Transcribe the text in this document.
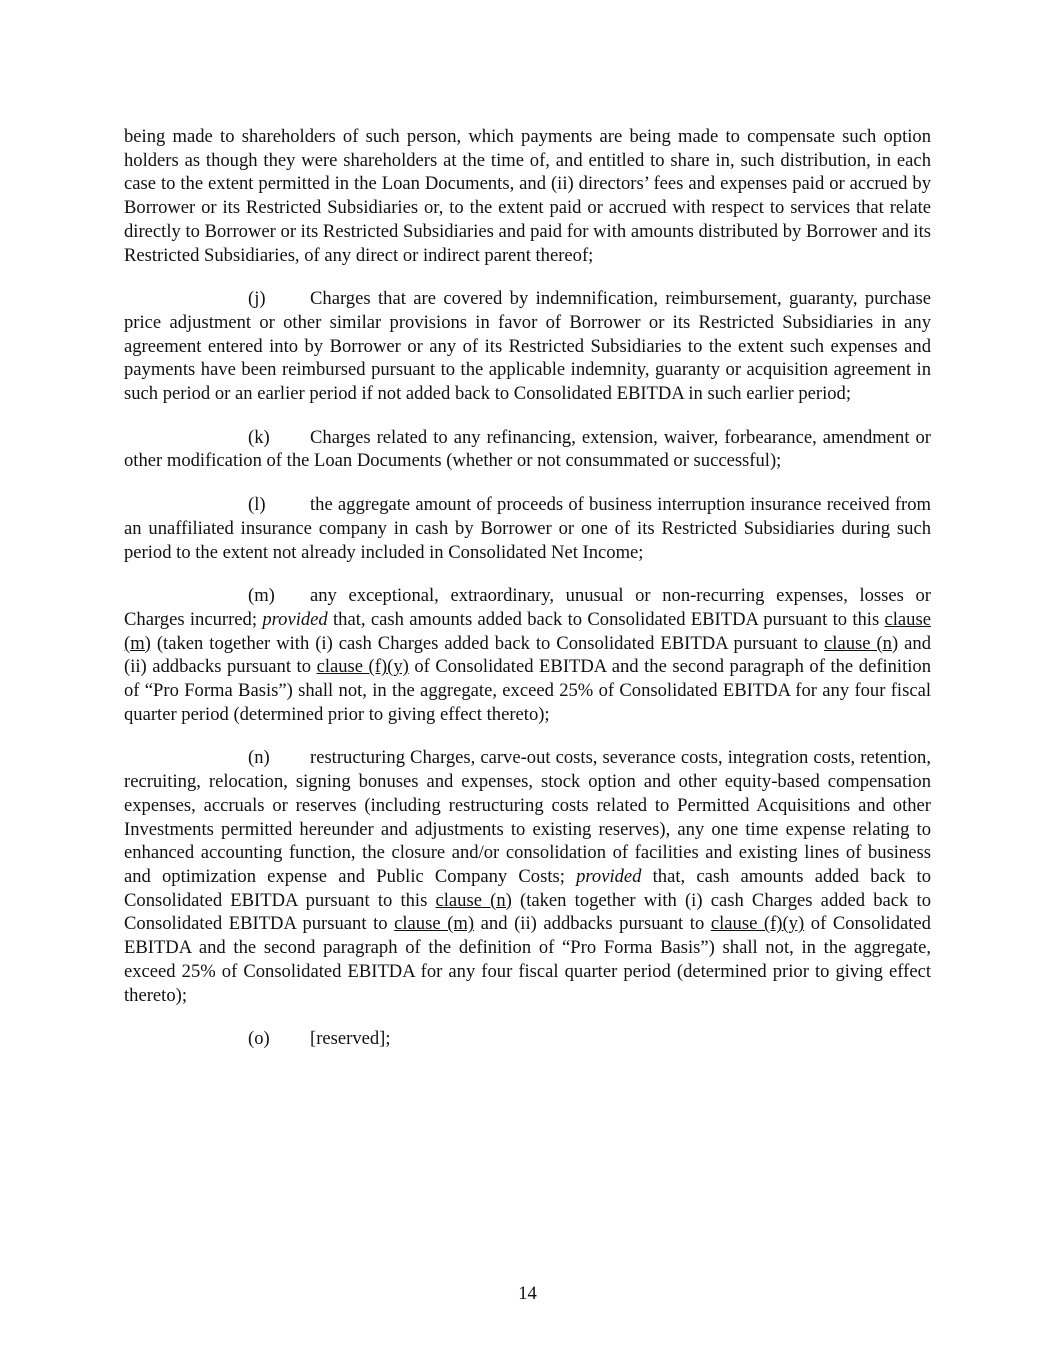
being made to shareholders of such person, which payments are being made to compensate such option holders as though they were shareholders at the time of, and entitled to share in, such distribution, in each case to the extent permitted in the Loan Documents, and (ii) directors’ fees and expenses paid or accrued by Borrower or its Restricted Subsidiaries or, to the extent paid or accrued with respect to services that relate directly to Borrower or its Restricted Subsidiaries and paid for with amounts distributed by Borrower and its Restricted Subsidiaries, of any direct or indirect parent thereof;

(j) Charges that are covered by indemnification, reimbursement, guaranty, purchase price adjustment or other similar provisions in favor of Borrower or its Restricted Subsidiaries in any agreement entered into by Borrower or any of its Restricted Subsidiaries to the extent such expenses and payments have been reimbursed pursuant to the applicable indemnity, guaranty or acquisition agreement in such period or an earlier period if not added back to Consolidated EBITDA in such earlier period;

(k) Charges related to any refinancing, extension, waiver, forbearance, amendment or other modification of the Loan Documents (whether or not consummated or successful);

(l) the aggregate amount of proceeds of business interruption insurance received from an unaffiliated insurance company in cash by Borrower or one of its Restricted Subsidiaries during such period to the extent not already included in Consolidated Net Income;

(m) any exceptional, extraordinary, unusual or non-recurring expenses, losses or Charges incurred; provided that, cash amounts added back to Consolidated EBITDA pursuant to this clause (m) (taken together with (i) cash Charges added back to Consolidated EBITDA pursuant to clause (n) and (ii) addbacks pursuant to clause (f)(y) of Consolidated EBITDA and the second paragraph of the definition of “Pro Forma Basis”) shall not, in the aggregate, exceed 25% of Consolidated EBITDA for any four fiscal quarter period (determined prior to giving effect thereto);

(n) restructuring Charges, carve-out costs, severance costs, integration costs, retention, recruiting, relocation, signing bonuses and expenses, stock option and other equity-based compensation expenses, accruals or reserves (including restructuring costs related to Permitted Acquisitions and other Investments permitted hereunder and adjustments to existing reserves), any one time expense relating to enhanced accounting function, the closure and/or consolidation of facilities and existing lines of business and optimization expense and Public Company Costs; provided that, cash amounts added back to Consolidated EBITDA pursuant to this clause (n) (taken together with (i) cash Charges added back to Consolidated EBITDA pursuant to clause (m) and (ii) addbacks pursuant to clause (f)(y) of Consolidated EBITDA and the second paragraph of the definition of “Pro Forma Basis”) shall not, in the aggregate, exceed 25% of Consolidated EBITDA for any four fiscal quarter period (determined prior to giving effect thereto);

(o) [reserved];

14
